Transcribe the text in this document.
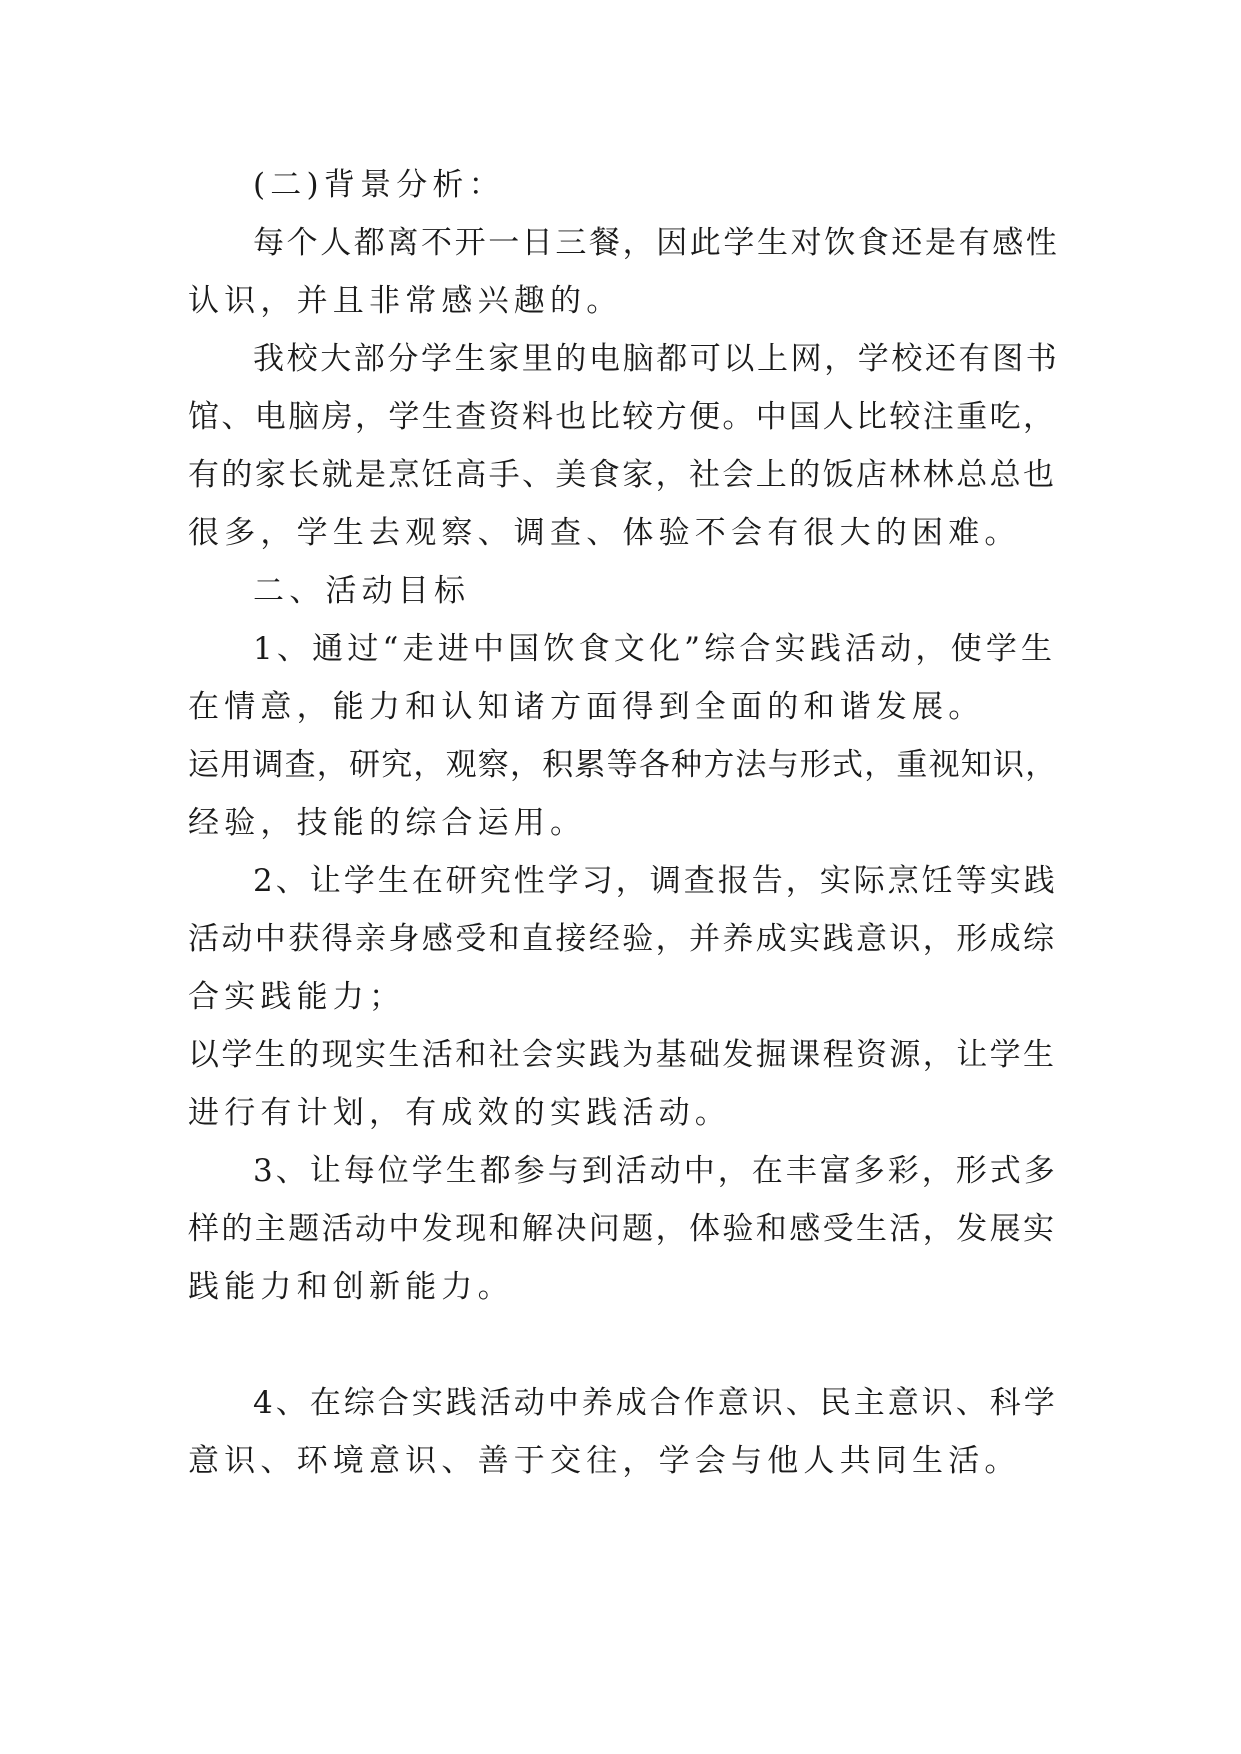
(二)背景分析：
每个人都离不开一日三餐，因此学生对饮食还是有感性
认识，并且非常感兴趣的。
我校大部分学生家里的电脑都可以上网，学校还有图书
馆、电脑房，学生查资料也比较方便。中国人比较注重吃，
有的家长就是烹饪高手、美食家，社会上的饭店林林总总也
很多，学生去观察、调查、体验不会有很大的困难。
二、活动目标
1、通过“走进中国饮食文化”综合实践活动，使学生
在情意，能力和认知诸方面得到全面的和谐发展。
运用调查，研究，观察，积累等各种方法与形式，重视知识，
经验，技能的综合运用。
2、让学生在研究性学习，调查报告，实际烹饪等实践
活动中获得亲身感受和直接经验，并养成实践意识，形成综
合实践能力；
以学生的现实生活和社会实践为基础发掘课程资源，让学生
进行有计划，有成效的实践活动。
3、让每位学生都参与到活动中，在丰富多彩，形式多
样的主题活动中发现和解决问题，体验和感受生活，发展实
践能力和创新能力。
4、在综合实践活动中养成合作意识、民主意识、科学
意识、环境意识、善于交往，学会与他人共同生活。
